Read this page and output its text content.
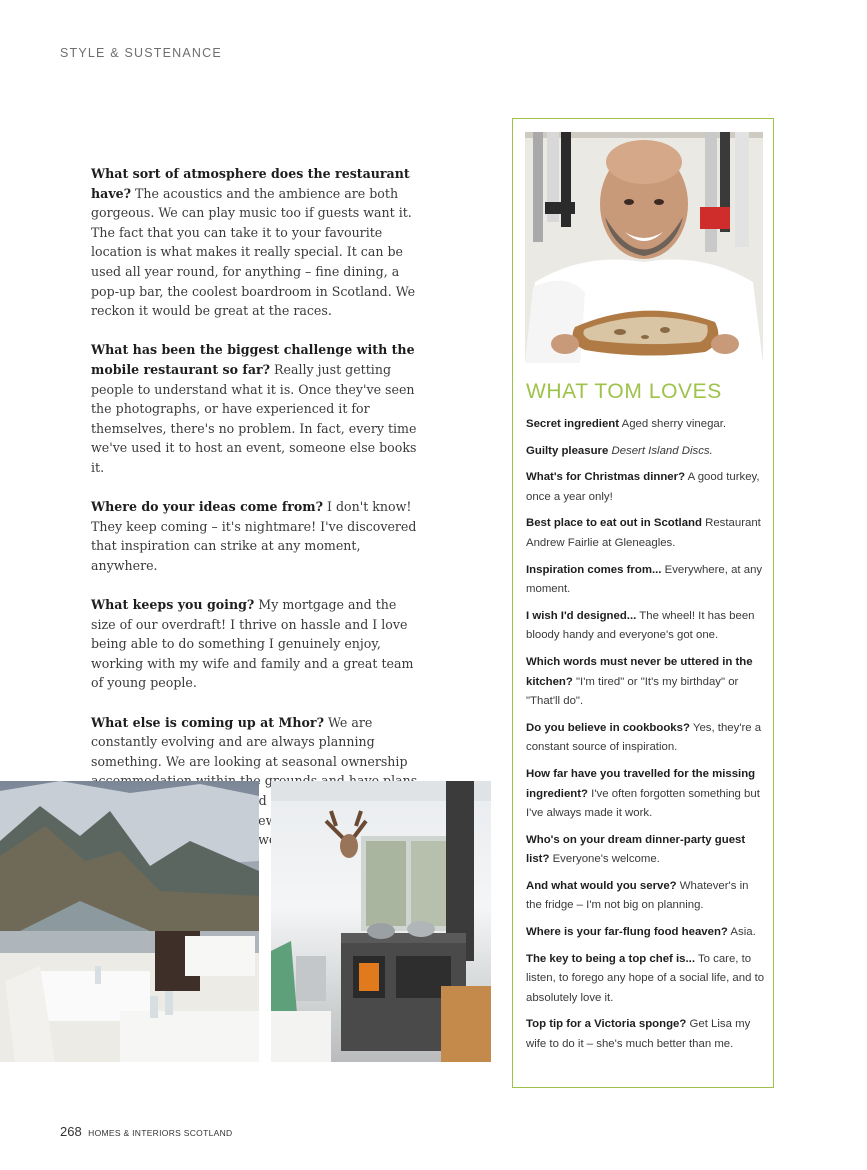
STYLE & SUSTENANCE

What sort of atmosphere does the restaurant have? The acoustics and the ambience are both gorgeous. We can play music too if guests want it. The fact that you can take it to your favourite location is what makes it really special. It can be used all year round, for anything – fine dining, a pop-up bar, the coolest boardroom in Scotland. We reckon it would be great at the races.

What has been the biggest challenge with the mobile restaurant so far? Really just getting people to understand what it is. Once they've seen the photographs, or have experienced it for themselves, there's no problem. In fact, every time we've used it to host an event, someone else books it.

Where do your ideas come from? I don't know! They keep coming – it's nightmare! I've discovered that inspiration can strike at any moment, anywhere.

What keeps you going? My mortgage and the size of our overdraft! I thrive on hassle and I love being able to do something I genuinely enjoy, working with my wife and family and a great team of young people.

What else is coming up at Mhor? We are constantly evolving and are always planning something. We are looking at seasonal ownership new we

WHAT TOM LOVES

Secret ingredient Aged sherry vinegar.

Guilty pleasure Desert Island Discs.

What's for Christmas dinner? A good turkey, once a year only!

Best place to eat out in Scotland Restaurant Andrew Fairlie at Gleneagles.

Inspiration comes from... Everywhere, at any moment.

I wish I'd designed... The wheel! It has been bloody handy and everyone's got one.

Which words must never be uttered in the kitchen? "I'm tired" or "It's my birthday" or "That'll do".

Do you believe in cookbooks? Yes, they're a constant source of inspiration.

How far have you travelled for the missing ingredient? I've often forgotten something but I've always made it work.

Who's on your dream dinner-party guest list? Everyone's welcome.

And what would you serve? Whatever's in the fridge – I'm not big on planning.

Where is your far-flung food heaven? Asia.

The key to being a top chef is... To care, to listen, to forego any hope of a social life, and to absolutely love it.

Top tip for a Victoria sponge? Get Lisa my wife to do it – she's much better than me.

268 HOMES & INTERIORS SCOTLAND
